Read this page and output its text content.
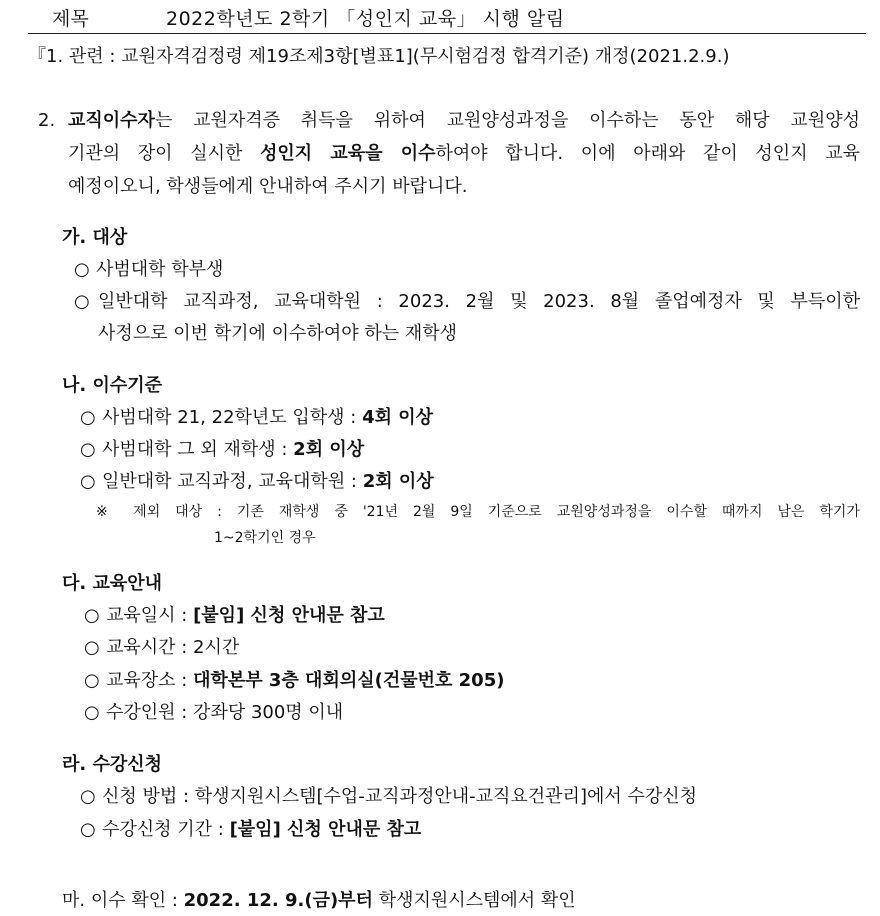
제목	2022학년도 2학기 「성인지 교육」 시행 알림
『1. 관련 : 교원자격검정령 제19조제3항[별표1](무시험검정 합격기준) 개정(2021.2.9.)
2. 교직이수자는 교원자격증 취득을 위하여 교원양성과정을 이수하는 동안 해당 교원양성
기관의 장이 실시한 성인지 교육을 이수하여야 합니다. 이에 아래와 같이 성인지 교육
예정이오니, 학생들에게 안내하여 주시기 바랍니다.
가. 대상
○ 사범대학 학부생
○ 일반대학 교직과정, 교육대학원 : 2023. 2월 및 2023. 8월 졸업예정자 및 부득이한
사정으로 이번 학기에 이수하여야 하는 재학생
나. 이수기준
○ 사범대학 21, 22학년도 입학생 : 4회 이상
○ 사범대학 그 외 재학생 : 2회 이상
○ 일반대학 교직과정, 교육대학원 : 2회 이상
※ 제외 대상 : 기존 재학생 중 '21년 2월 9일 기준으로 교원양성과정을 이수할 때까지 남은 학기가
1~2학기인 경우
다. 교육안내
○ 교육일시 : [붙임] 신청 안내문 참고
○ 교육시간 : 2시간
○ 교육장소 : 대학본부 3층 대회의실(건물번호 205)
○ 수강인원 : 강좌당 300명 이내
라. 수강신청
○ 신청 방법 : 학생지원시스템[수업-교직과정안내-교직요건관리]에서 수강신청
○ 수강신청 기간 : [붙임] 신청 안내문 참고
마. 이수 확인 : 2022. 12. 9.(금)부터 학생지원시스템에서 확인
